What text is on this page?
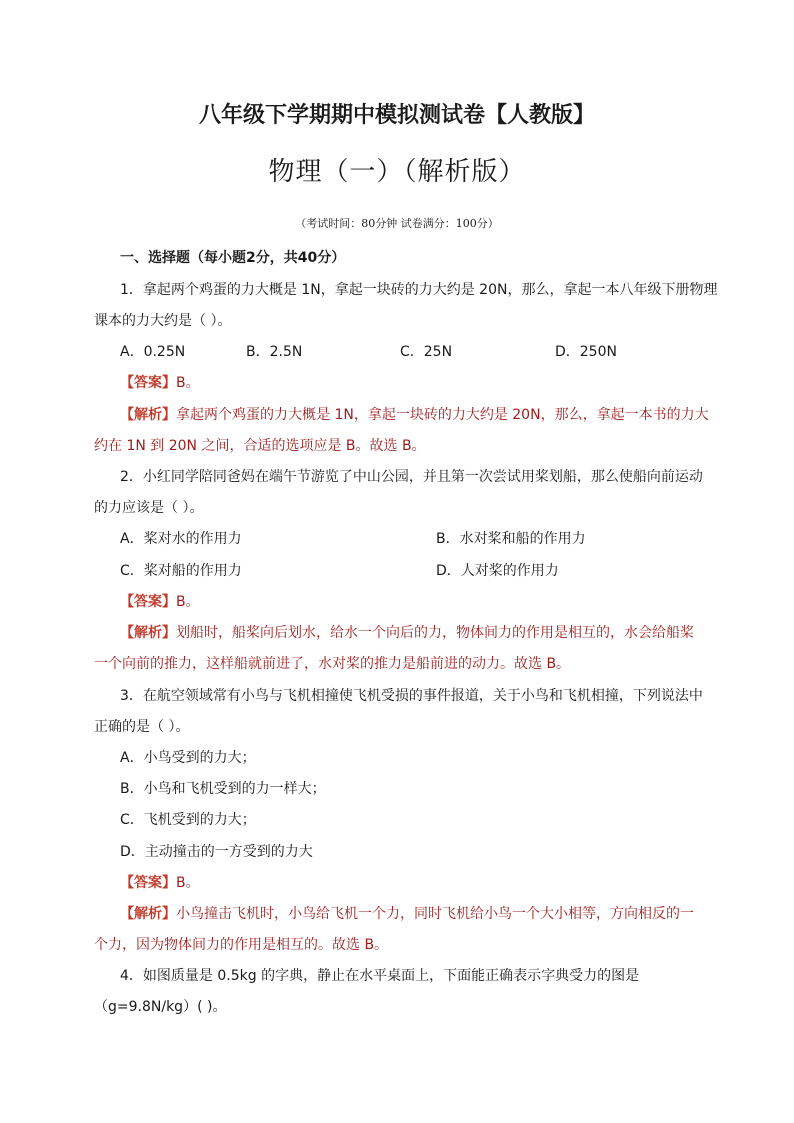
八年级下学期期中模拟测试卷【人教版】
物理（一）（解析版）
（考试时间：80分钟 试卷满分：100分）
一、选择题（每小题2分，共40分）
1．拿起两个鸡蛋的力大概是 1N，拿起一块砖的力大约是 20N，那么，拿起一本八年级下册物理
课本的力大约是（ ）。
A．0.25N	B．2.5N	C．25N	D．250N
【答案】B。
【解析】拿起两个鸡蛋的力大概是 1N，拿起一块砖的力大约是 20N，那么，拿起一本书的力大
约在 1N 到 20N 之间，合适的选项应是 B。故选 B。
2．小红同学陪同爸妈在端午节游览了中山公园，并且第一次尝试用桨划船，那么使船向前运动
的力应该是（ ）。
A．桨对水的作用力	B．水对桨和船的作用力
C．桨对船的作用力	D．人对桨的作用力
【答案】B。
【解析】划船时，船桨向后划水，给水一个向后的力，物体间力的作用是相互的，水会给船桨
一个向前的推力，这样船就前进了，水对桨的推力是船前进的动力。故选 B。
3．在航空领域常有小鸟与飞机相撞使飞机受损的事件报道，关于小鸟和飞机相撞，下列说法中
正确的是（ ）。
A．小鸟受到的力大；
B．小鸟和飞机受到的力一样大；
C．飞机受到的力大；
D．主动撞击的一方受到的力大
【答案】B。
【解析】小鸟撞击飞机时，小鸟给飞机一个力，同时飞机给小鸟一个大小相等，方向相反的一
个力，因为物体间力的作用是相互的。故选 B。
4．如图质量是 0.5kg 的字典，静止在水平桌面上，下面能正确表示字典受力的图是
（g=9.8N/kg）( )。
